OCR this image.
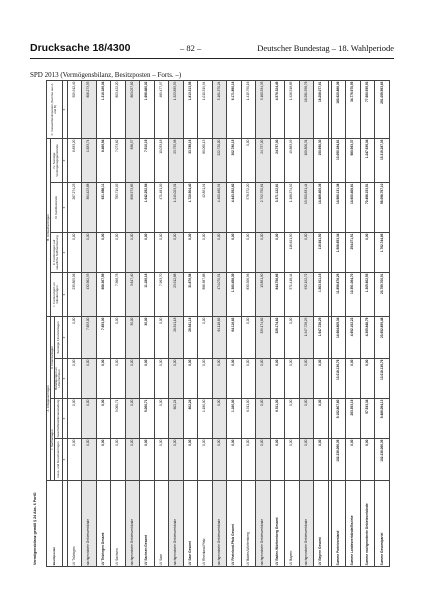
Drucksache 18/4300	– 82 –	Deutscher Bundestag – 18. Wahlperiode
SPD 2013 (Vermögensbilanz, Besitzposten – Forts. –)
Vermögensbilanz gemäß § 24 Abs. 6 PartG	Besitzposten	A. Anlagevermögen				B. Umlaufvermögen				C. Gesamtbesitzposten (Summe aus A und B)
	I. Sachanlagen		II. Finanzanlagen		I. Forderungen an Gliederungen	II. Forderungen auf staatliche Teilfinanzierung	III. Geldbestände	IV. Sonstige Vermögensgegenstände	
	Haus- und Grundvermögen	Geschäftsstellenausstattung	Beteiligungen an Unternehmen	Sonstige Finanzanlagen					
	€	€	€	€	€	€	€	€	€
LV Thüringen	0,00	0,00	0,00	0,00	235.805,06	0,00	267.274,23	6.833,20	509.912,49
nachgeordnete Gebietsverbände	0,00	0,00	0,00	7.653,00	432.562,93	0,00	364.423,88	1.633,74	806.273,55
LV Thüringen Gesamt	0,00	0,00	0,00	7.653,00	668.367,99	0,00	631.698,11	8.466,94	1.316.186,04
LV Sachsen	0,00	5.060,71	0,00	0,00	7.568,78	0,00	783.719,09	7.073,62	803.422,20
nachgeordnete Gebietsverbände	0,00	0,00	0,00	30,00	3.617,40	0,00	858.573,85	836,57	863.057,82
LV Sachsen Gesamt	0,00	5.060,71	0,00	30,00	11.186,18	0,00	1.642.292,94	7.910,19	1.666.480,02
LV Saar	0,00	0,00	0,00	0,00	7.963,70	0,00	471.481,09	10.033,18	489.477,97
nachgeordnete Gebietsverbände	0,00	602,24	0,00	26.541,18	23.912,88	0,00	1.249.023,31	23.755,98	1.323.835,59
LV Saar Gesamt	0,00	602,24	0,00	26.541,18	31.876,58	0,00	1.720.504,40	33.789,16	1.813.313,56
LV Rheinland-Pfalz	0,00	1.180,00	0,00	0,00	886.387,88	0,00	42.891,91	80.060,15	1.010.519,94
nachgeordnete Gebietsverbände	0,00	0,00	0,00	64.118,82	474.070,51	0,00	4.400.460,91	222.720,00	5.161.370,24
LV Rheinland-Pfalz Gesamt	0,00	1.180,00	0,00	64.118,82	1.360.458,39	0,00	4.443.352,82	302.780,15	6.171.890,18
LV Baden-Württemberg	0,00	6.511,00	0,00	0,00	830.906,96	0,00	578.372,20	0,00	1.415.790,16
nachgeordnete Gebietsverbände	0,00	0,00	0,00	329.174,82	13.851,90	0,00	2.792.750,61	24.757,00	3.160.534,33
LV Baden-Württemberg Gesamt	0,00	6.511,00	0,00	329.174,82	844.758,86	0,00	3.371.122,81	24.757,00	4.576.324,49
LV Bayern	0,00	0,00	0,00	0,00	571.418,44	116.641,50	1.188.574,92	49.883,99	1.926.518,85
nachgeordnete Gebietsverbände	0,00	0,00	0,00	1.947.728,29	932.192,72	0,00	13.300.831,44	100.806,31	16.281.558,76
LV Bayern Gesamt	0,00	0,00	0,00	1.947.728,29	1.503.611,16	116.641,50	14.489.406,36	150.690,30	18.208.077,61

Summe Parteivorstand	102.236.066,35	9.162.807,80	13.018.136,76	14.684.809,34	11.858.878,25	1.508.653,34	14.980.131,38	13.090.384,81	180.620.888,06
Summe Landesverbände/Bezirke	0,00	263.353,16	0,00	4.652.162,22	10.391.064,70	254.071,51	14.600.408,81	980.963,37	34.776.970,55
Summe nachgeordnete Gebietsverbände	0,00	57.933,34	0,00	4.305.848,79	1.305.602,55	0,00	70.498.153,91	1.247.939,04	77.660.555,93
Summe Gesamtpartei	102.236.066,35	9.486.094,13	13.018.136,76	23.652.855,48	23.795.700,51	1.762.744,85	99.098.797,10	15.319.287,03	291.059.593,83
